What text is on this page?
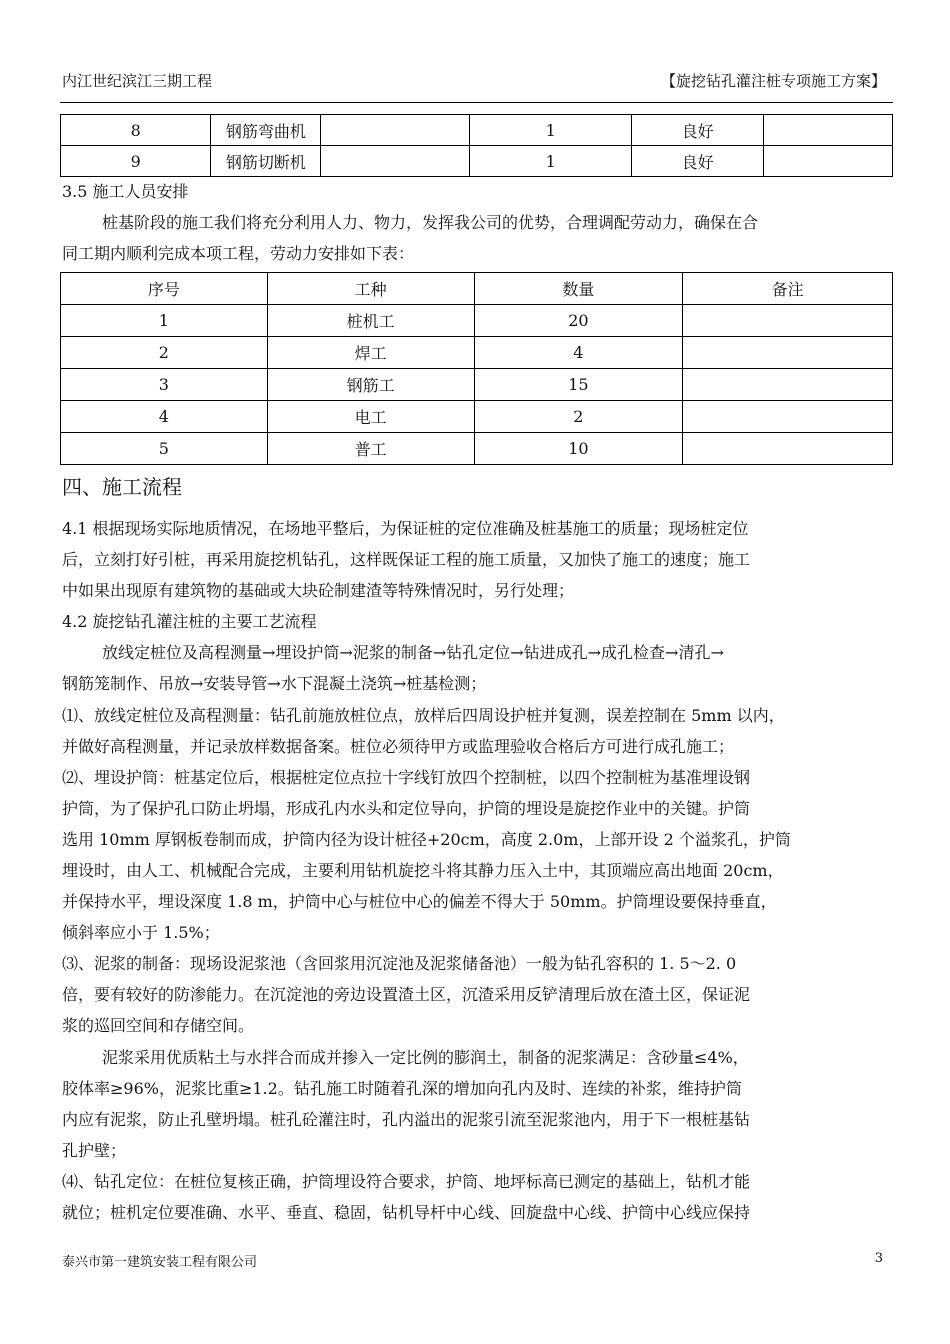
内江世纪滨江三期工程	【旋挖钻孔灌注桩专项施工方案】
8	钢筋弯曲机		1	良好	
9	钢筋切断机		1	良好	
3.5 施工人员安排
桩基阶段的施工我们将充分利用人力、物力，发挥我公司的优势，合理调配劳动力，确保在合
同工期内顺利完成本项工程，劳动力安排如下表：
序号	工种	数量	备注
1	桩机工	20	
2	焊工	4	
3	钢筋工	15	
4	电工	2	
5	普工	10	
四、施工流程
4.1 根据现场实际地质情况，在场地平整后，为保证桩的定位准确及桩基施工的质量；现场桩定位
后，立刻打好引桩，再采用旋挖机钻孔，这样既保证工程的施工质量，又加快了施工的速度；施工
中如果出现原有建筑物的基础或大块砼制建渣等特殊情况时，另行处理；
4.2 旋挖钻孔灌注桩的主要工艺流程
放线定桩位及高程测量→埋设护筒→泥浆的制备→钻孔定位→钻进成孔→成孔检查→清孔→
钢筋笼制作、吊放→安装导管→水下混凝土浇筑→桩基检测；
⑴、放线定桩位及高程测量：钻孔前施放桩位点，放样后四周设护桩并复测，误差控制在 5mm 以内，
并做好高程测量，并记录放样数据备案。桩位必须待甲方或监理验收合格后方可进行成孔施工；
⑵、埋设护筒：桩基定位后，根据桩定位点拉十字线钉放四个控制桩，以四个控制桩为基准埋设钢
护筒，为了保护孔口防止坍塌，形成孔内水头和定位导向，护筒的埋设是旋挖作业中的关键。护筒
选用 10mm 厚钢板卷制而成，护筒内径为设计桩径+20cm，高度 2.0m，上部开设 2 个溢浆孔，护筒
埋设时，由人工、机械配合完成，主要利用钻机旋挖斗将其静力压入土中，其顶端应高出地面 20cm，
并保持水平，埋设深度 1.8 m，护筒中心与桩位中心的偏差不得大于 50mm。护筒埋设要保持垂直，
倾斜率应小于 1.5%；
⑶、泥浆的制备：现场设泥浆池（含回浆用沉淀池及泥浆储备池）一般为钻孔容积的 1. 5～2. 0
倍，要有较好的防渗能力。在沉淀池的旁边设置渣土区，沉渣采用反铲清理后放在渣土区，保证泥
浆的巡回空间和存储空间。
泥浆采用优质粘土与水拌合而成并掺入一定比例的膨润土，制备的泥浆满足：含砂量≤4%，
胶体率≥96%，泥浆比重≥1.2。钻孔施工时随着孔深的增加向孔内及时、连续的补浆，维持护筒
内应有泥浆，防止孔壁坍塌。桩孔砼灌注时，孔内溢出的泥浆引流至泥浆池内，用于下一根桩基钻
孔护壁；
⑷、钻孔定位：在桩位复核正确，护筒埋设符合要求，护筒、地坪标高已测定的基础上，钻机才能
就位；桩机定位要准确、水平、垂直、稳固，钻机导杆中心线、回旋盘中心线、护筒中心线应保持
泰兴市第一建筑安装工程有限公司	3
